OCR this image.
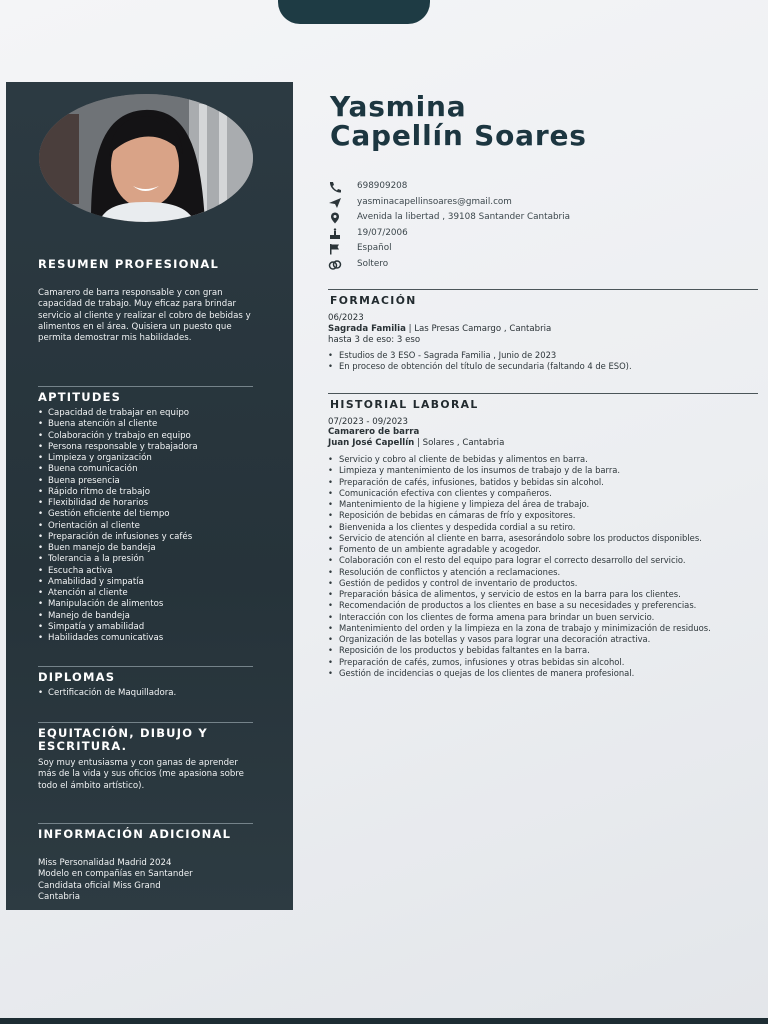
RESUMEN PROFESIONAL
Camarero de barra responsable y con gran capacidad de trabajo. Muy eficaz para brindar servicio al cliente y realizar el cobro de bebidas y alimentos en el área. Quisiera un puesto que permita demostrar mis habilidades.
APTITUDES
• Capacidad de trabajar en equipo
• Buena atención al cliente
• Colaboración y trabajo en equipo
• Persona responsable y trabajadora
• Limpieza y organización
• Buena comunicación
• Buena presencia
• Rápido ritmo de trabajo
• Flexibilidad de horarios
• Gestión eficiente del tiempo
• Orientación al cliente
• Preparación de infusiones y cafés
• Buen manejo de bandeja
• Tolerancia a la presión
• Escucha activa
• Amabilidad y simpatía
• Atención al cliente
• Manipulación de alimentos
• Manejo de bandeja
• Simpatía y amabilidad
• Habilidades comunicativas
DIPLOMAS
• Certificación de Maquilladora.
EQUITACIÓN, DIBUJO Y ESCRITURA.
Soy muy entusiasma y con ganas de aprender más de la vida y sus oficios (me apasiona sobre todo el ámbito artístico).
INFORMACIÓN ADICIONAL
Miss Personalidad Madrid 2024
Modelo en compañías en Santander
Candidata oficial Miss Grand
Cantabria
Yasmina
Capellín Soares
698909208
yasminacapellinsoares@gmail.com
Avenida la libertad , 39108 Santander Cantabria
19/07/2006
Español
Soltero
FORMACIÓN
06/2023
Sagrada Familia | Las Presas Camargo , Cantabria
hasta 3 de eso: 3 eso
• Estudios de 3 ESO - Sagrada Familia , Junio de 2023
• En proceso de obtención del título de secundaria (faltando 4 de ESO).
HISTORIAL LABORAL
07/2023 - 09/2023
Camarero de barra
Juan José Capellín | Solares , Cantabria
• Servicio y cobro al cliente de bebidas y alimentos en barra.
• Limpieza y mantenimiento de los insumos de trabajo y de la barra.
• Preparación de cafés, infusiones, batidos y bebidas sin alcohol.
• Comunicación efectiva con clientes y compañeros.
• Mantenimiento de la higiene y limpieza del área de trabajo.
• Reposición de bebidas en cámaras de frío y expositores.
• Bienvenida a los clientes y despedida cordial a su retiro.
• Servicio de atención al cliente en barra, asesorándolo sobre los productos disponibles.
• Fomento de un ambiente agradable y acogedor.
• Colaboración con el resto del equipo para lograr el correcto desarrollo del servicio.
• Resolución de conflictos y atención a reclamaciones.
• Gestión de pedidos y control de inventario de productos.
• Preparación básica de alimentos, y servicio de estos en la barra para los clientes.
• Recomendación de productos a los clientes en base a su necesidades y preferencias.
• Interacción con los clientes de forma amena para brindar un buen servicio.
• Mantenimiento del orden y la limpieza en la zona de trabajo y minimización de residuos.
• Organización de las botellas y vasos para lograr una decoración atractiva.
• Reposición de los productos y bebidas faltantes en la barra.
• Preparación de cafés, zumos, infusiones y otras bebidas sin alcohol.
• Gestión de incidencias o quejas de los clientes de manera profesional.
